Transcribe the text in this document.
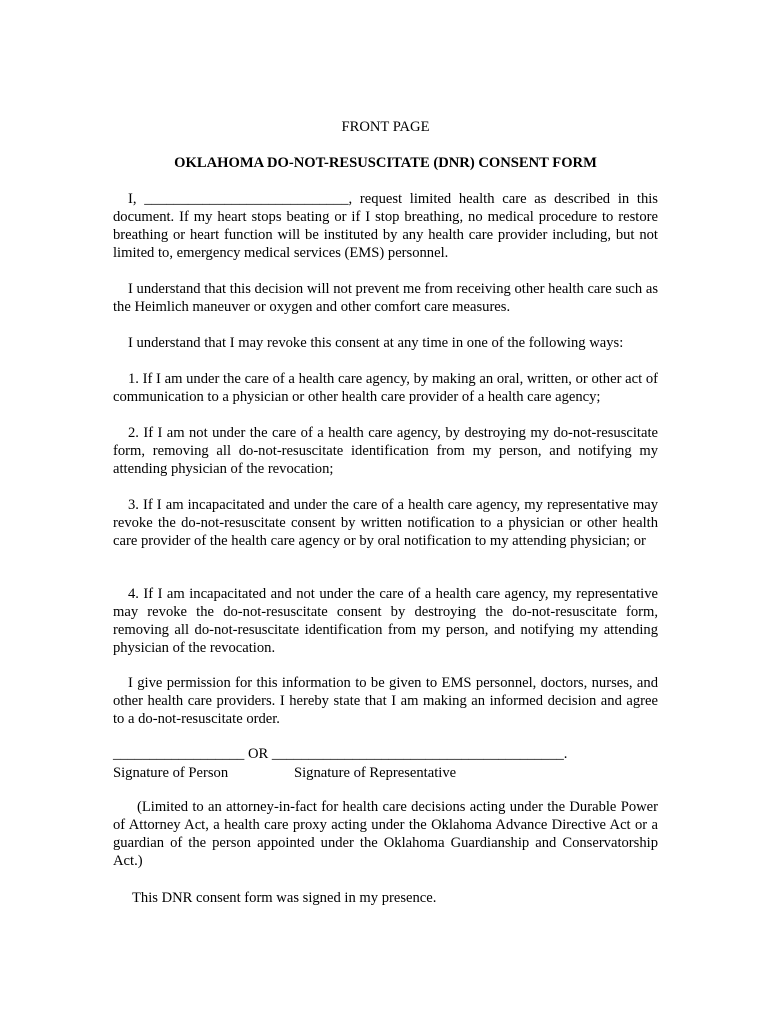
FRONT PAGE
OKLAHOMA DO-NOT-RESUSCITATE (DNR) CONSENT FORM

I, ____________________________, request limited health care as described in this document. If my heart stops beating or if I stop breathing, no medical procedure to restore breathing or heart function will be instituted by any health care provider including, but not limited to, emergency medical services (EMS) personnel.

I understand that this decision will not prevent me from receiving other health care such as the Heimlich maneuver or oxygen and other comfort care measures.

I understand that I may revoke this consent at any time in one of the following ways:

1. If I am under the care of a health care agency, by making an oral, written, or other act of communication to a physician or other health care provider of a health care agency;

2. If I am not under the care of a health care agency, by destroying my do-not-resuscitate form, removing all do-not-resuscitate identification from my person, and notifying my attending physician of the revocation;

3. If I am incapacitated and under the care of a health care agency, my representative may revoke the do-not-resuscitate consent by written notification to a physician or other health care provider of the health care agency or by oral notification to my attending physician; or

4. If I am incapacitated and not under the care of a health care agency, my representative may revoke the do-not-resuscitate consent by destroying the do-not-resuscitate form, removing all do-not-resuscitate identification from my person, and notifying my attending physician of the revocation.

I give permission for this information to be given to EMS personnel, doctors, nurses, and other health care providers. I hereby state that I am making an informed decision and agree to a do-not-resuscitate order.

__________________ OR ________________________________________.
Signature of Person	Signature of Representative

(Limited to an attorney-in-fact for health care decisions acting under the Durable Power of Attorney Act, a health care proxy acting under the Oklahoma Advance Directive Act or a guardian of the person appointed under the Oklahoma Guardianship and Conservatorship Act.)

This DNR consent form was signed in my presence.
